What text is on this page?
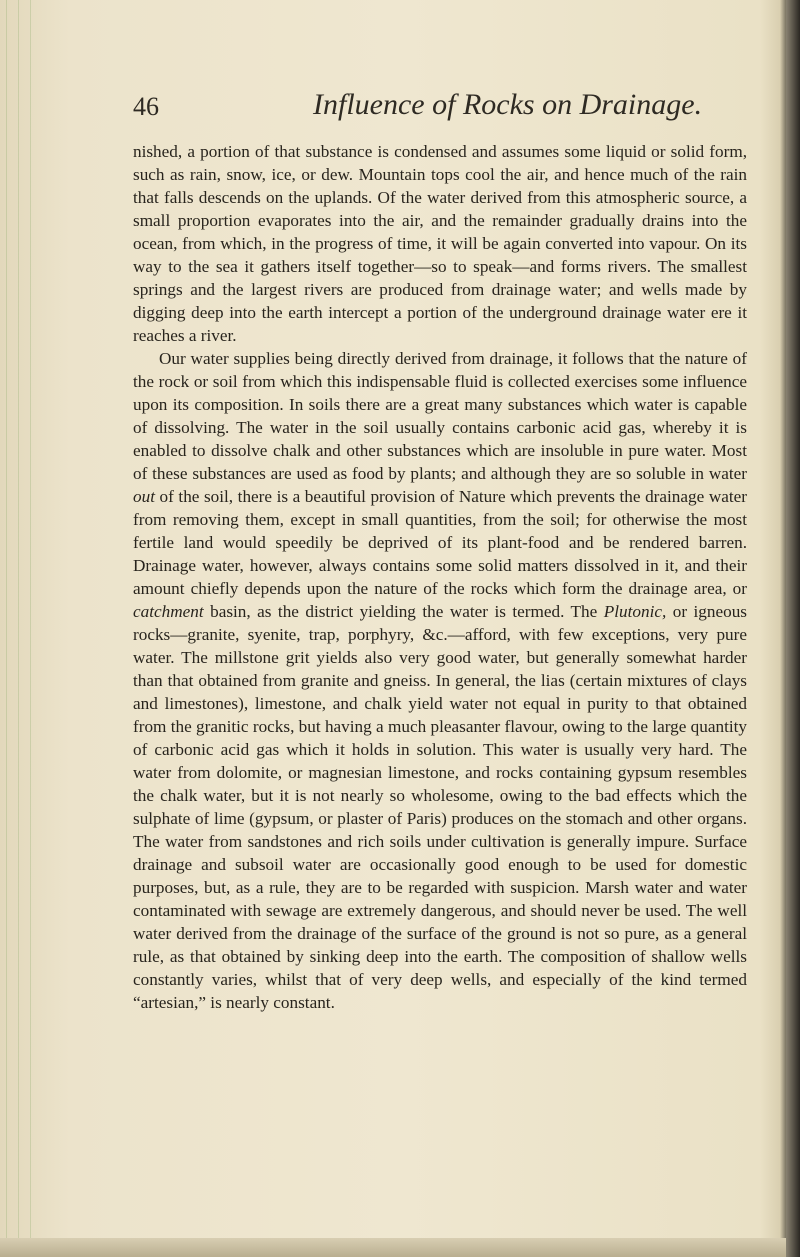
46	Influence of Rocks on Drainage.

nished, a portion of that substance is condensed and assumes some liquid or solid form, such as rain, snow, ice, or dew. Mountain tops cool the air, and hence much of the rain that falls descends on the uplands. Of the water derived from this atmospheric source, a small proportion evaporates into the air, and the remainder gradually drains into the ocean, from which, in the progress of time, it will be again converted into vapour. On its way to the sea it gathers itself together—so to speak—and forms rivers. The smallest springs and the largest rivers are produced from drainage water; and wells made by digging deep into the earth intercept a portion of the underground drainage water ere it reaches a river.

Our water supplies being directly derived from drainage, it follows that the nature of the rock or soil from which this indispensable fluid is collected exercises some influence upon its composition. In soils there are a great many substances which water is capable of dissolving. The water in the soil usually contains carbonic acid gas, whereby it is enabled to dissolve chalk and other substances which are insoluble in pure water. Most of these substances are used as food by plants; and although they are so soluble in water out of the soil, there is a beautiful provision of Nature which prevents the drainage water from removing them, except in small quantities, from the soil; for otherwise the most fertile land would speedily be deprived of its plant-food and be rendered barren. Drainage water, however, always contains some solid matters dissolved in it, and their amount chiefly depends upon the nature of the rocks which form the drainage area, or catchment basin, as the district yielding the water is termed. The Plutonic, or igneous rocks—granite, syenite, trap, porphyry, &c.—afford, with few exceptions, very pure water. The millstone grit yields also very good water, but generally somewhat harder than that obtained from granite and gneiss. In general, the lias (certain mixtures of clays and limestones), limestone, and chalk yield water not equal in purity to that obtained from the granitic rocks, but having a much pleasanter flavour, owing to the large quantity of carbonic acid gas which it holds in solution. This water is usually very hard. The water from dolomite, or magnesian limestone, and rocks containing gypsum resembles the chalk water, but it is not nearly so wholesome, owing to the bad effects which the sulphate of lime (gypsum, or plaster of Paris) produces on the stomach and other organs. The water from sandstones and rich soils under cultivation is generally impure. Surface drainage and subsoil water are occasionally good enough to be used for domestic purposes, but, as a rule, they are to be regarded with suspicion. Marsh water and water contaminated with sewage are extremely dangerous, and should never be used. The well water derived from the drainage of the surface of the ground is not so pure, as a general rule, as that obtained by sinking deep into the earth. The composition of shallow wells constantly varies, whilst that of very deep wells, and especially of the kind termed “artesian,” is nearly constant.
